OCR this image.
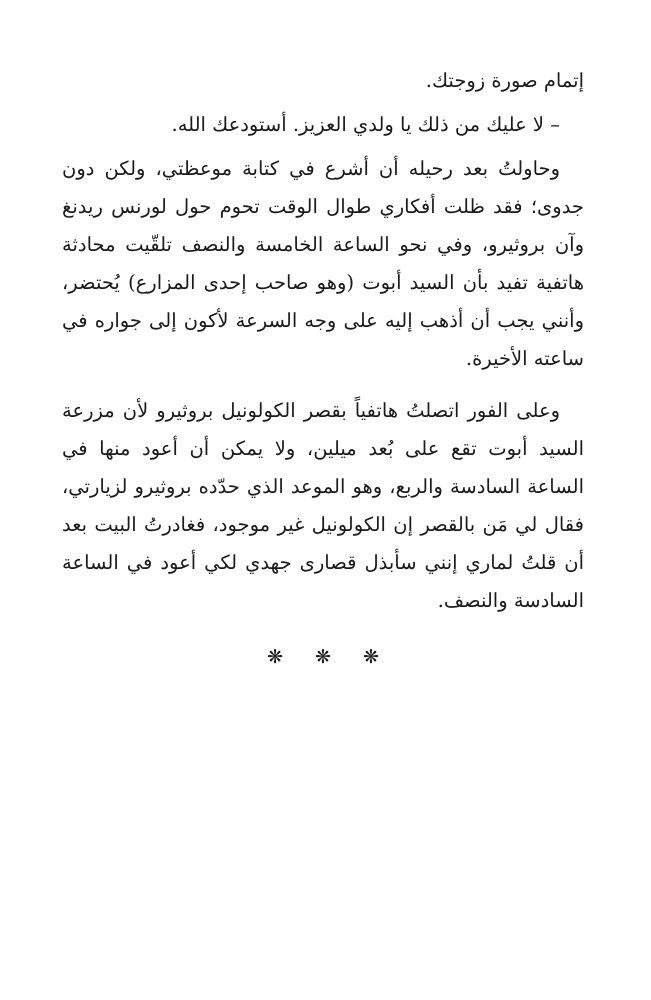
إتمام صورة زوجتك.

– لا عليك من ذلك يا ولدي العزيز. أستودعك الله.

وحاولتُ بعد رحيله أن أشرع في كتابة موعظتي، ولكن دون جدوى؛ فقد ظلت أفكاري طوال الوقت تحوم حول لورنس ريدنغ وآن بروثيرو، وفي نحو الساعة الخامسة والنصف تلقّيت محادثة هاتفية تفيد بأن السيد أبوت (وهو صاحب إحدى المزارع) يُحتضر، وأنني يجب أن أذهب إليه على وجه السرعة لأكون إلى جواره في ساعته الأخيرة.

وعلى الفور اتصلتُ هاتفياً بقصر الكولونيل بروثيرو لأن مزرعة السيد أبوت تقع على بُعد ميلين، ولا يمكن أن أعود منها في الساعة السادسة والربع، وهو الموعد الذي حدّده بروثيرو لزيارتي، فقال لي مَن بالقصر إن الكولونيل غير موجود، فغادرتُ البيت بعد أن قلتُ لماري إنني سأبذل قصارى جهدي لكي أعود في الساعة السادسة والنصف.

❋ ❋ ❋
